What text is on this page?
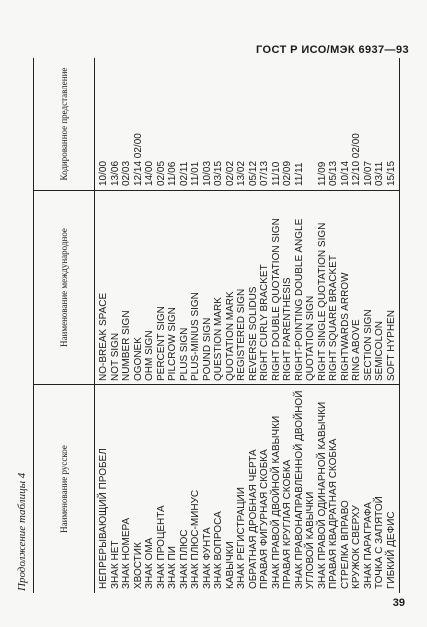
ГОСТ Р ИСО/МЭК 6937—93
Продолжение таблицы 4	Наименование русское
Наименование международное
Кодированное представление
НЕПРЕРЫВАЮЩИЙ ПРОБЕЛ
NO-BREAK SPACE
10/00
ЗНАК НЕТ
NOT SIGN
13/06
ЗНАК НОМЕРА
NUMBER SIGN
02/03
ХВОСТИК
OGONEK
12/14 02/00
ЗНАК ОМА
OHM SIGN
14/00
ЗНАК ПРОЦЕНТА
PERCENT SIGN
02/05
ЗНАК ПИ
PILCROW SIGN
11/06
ЗНАК ПЛЮС
PLUS SIGN
02/11
ЗНАК ПЛЮС-МИНУС
PLUS-MINUS SIGN
11/01
ЗНАК ФУНТА
POUND SIGN
10/03
ЗНАК ВОПРОСА
QUESTION MARK
03/15
КАВЫЧКИ
QUOTATION MARK
02/02
ЗНАК РЕГИСТРАЦИИ
REGISTERED SIGN
13/02
ОБРАТНАЯ ДРОБНАЯ ЧЕРТА
REVERSE SOLIDUS
05/12
ПРАВАЯ ФИГУРНАЯ СКОБКА
RIGHT CURLY BRACKET
07/13
ЗНАК ПРАВОЙ ДВОЙНОЙ КАВЫЧКИ
RIGHT DOUBLE QUOTATION SIGN
11/10
ПРАВАЯ КРУГЛАЯ СКОБКА
RIGHT PARENTHESIS
02/09
ЗНАК ПРАВОНАПРАВЛЕННОЙ ДВОЙНОЙ
RIGHT-POINTING DOUBLE ANGLE
11/11
УГЛОВОЙ КАВЫЧКИ
QUOTATION SIGN
ЗНАК ПРАВОЙ ОДИНАРНОЙ КАВЫЧКИ
RIGHT SINGLE QUOTATION SIGN
11/09
ПРАВАЯ КВАДРАТНАЯ СКОБКА
RIGHT SQUARE BRACKET
05/13
СТРЕЛКА ВПРАВО
RIGHTWARDS ARROW
10/14
КРУЖОК СВЕРХУ
RING ABOVE
12/10 02/00
ЗНАК ПАРАГРАФА
SECTION SIGN
10/07
ТОЧКА С ЗАПЯТОЙ
SEMICOLON
03/11
ГИБКИЙ ДЕФИС
SOFT HYPHEN
15/15
39
